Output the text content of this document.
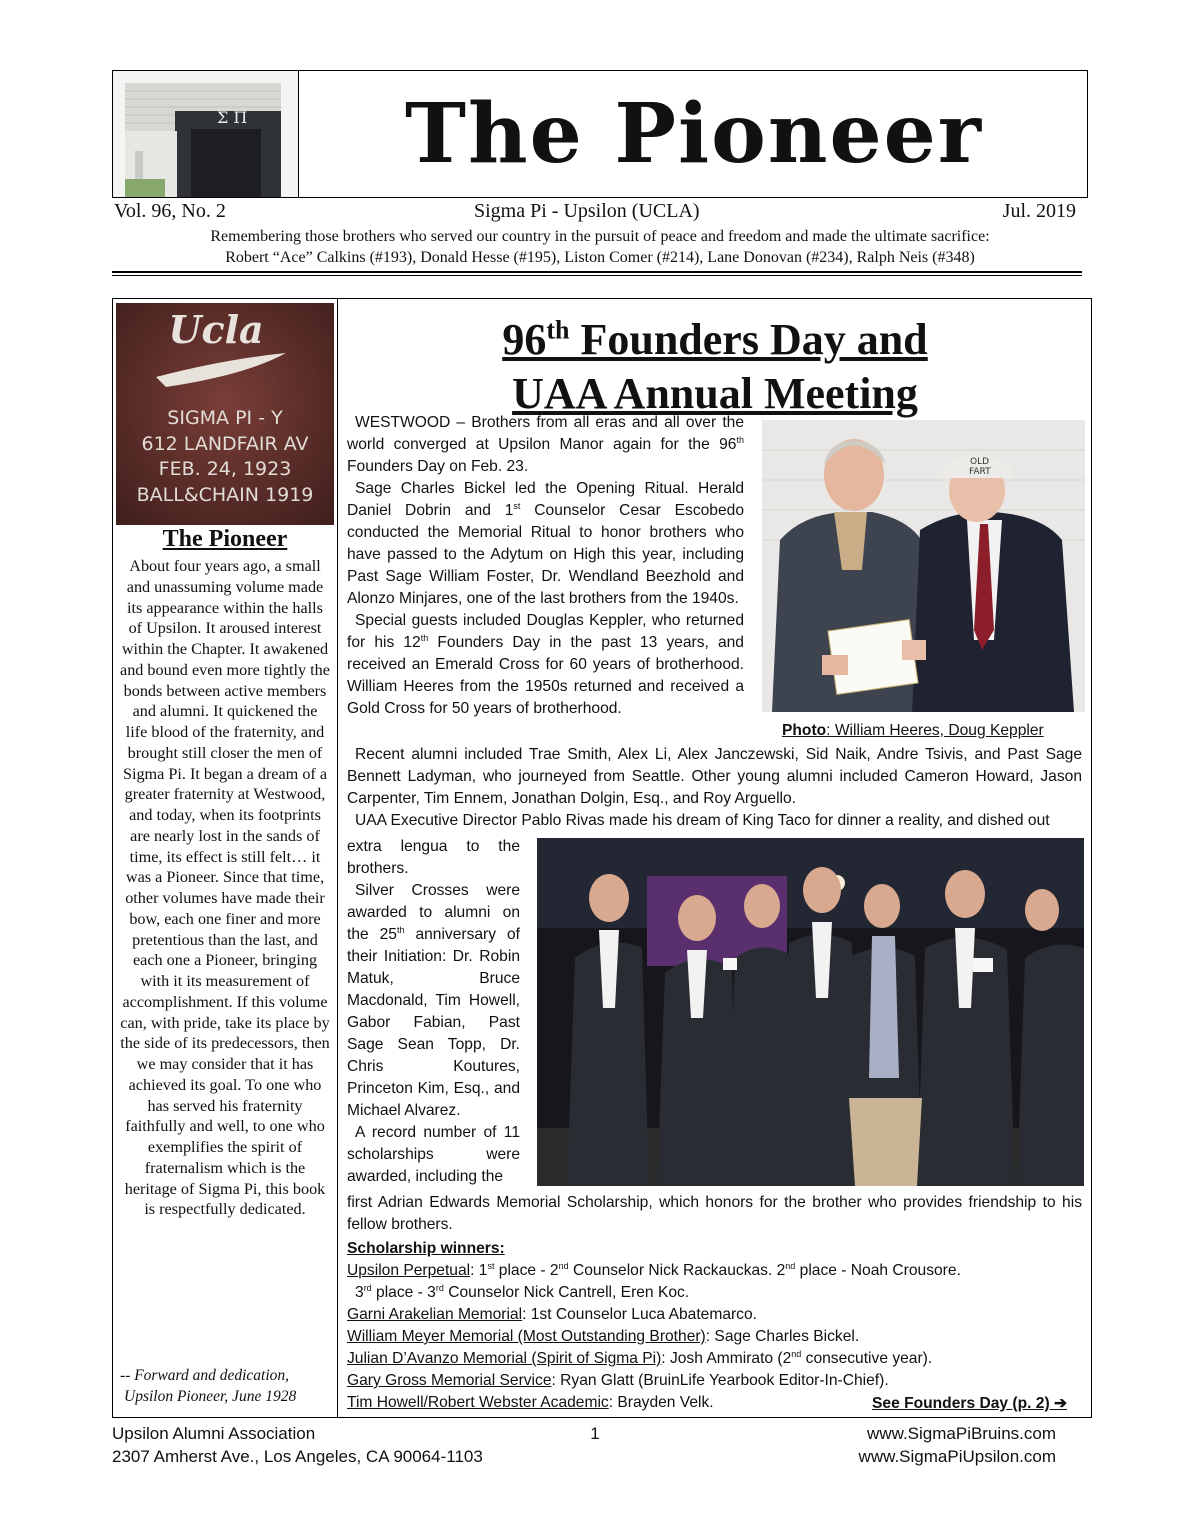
Σ Π	The Pioneer
Vol. 96, No. 2	Sigma Pi - Upsilon (UCLA)	Jul. 2019
Remembering those brothers who served our country in the pursuit of peace and freedom and made the ultimate sacrifice:
Robert “Ace” Calkins (#193), Donald Hesse (#195), Liston Comer (#214), Lane Donovan (#234), Ralph Neis (#348)
Ucla
SIGMA PI - Y
612 LANDFAIR AV
FEB. 24, 1923
BALL&CHAIN 1919
The Pioneer
About four years ago, a small and unassuming volume made its appearance within the halls of Upsilon. It aroused interest within the Chapter. It awakened and bound even more tightly the bonds between active members and alumni. It quickened the life blood of the fraternity, and brought still closer the men of Sigma Pi. It began a dream of a greater fraternity at Westwood, and today, when its footprints are nearly lost in the sands of time, its effect is still felt… it was a Pioneer. Since that time, other volumes have made their bow, each one finer and more pretentious than the last, and each one a Pioneer, bringing with it its measurement of accomplishment. If this volume can, with pride, take its place by the side of its predecessors, then we may consider that it has achieved its goal. To one who has served his fraternity faithfully and well, to one who exemplifies the spirit of fraternalism which is the heritage of Sigma Pi, this book is respectfully dedicated.
-- Forward and dedication,
Upsilon Pioneer, June 1928
96th Founders Day and
UAA Annual Meeting

WESTWOOD – Brothers from all eras and all over the world converged at Upsilon Manor again for the 96th Founders Day on Feb. 23.

Sage Charles Bickel led the Opening Ritual. Herald Daniel Dobrin and 1st Counselor Cesar Escobedo conducted the Memorial Ritual to honor brothers who have passed to the Adytum on High this year, including Past Sage William Foster, Dr. Wendland Beezhold and Alonzo Minjares, one of the last brothers from the 1940s.

Special guests included Douglas Keppler, who returned for his 12th Founders Day in the past 13 years, and received an Emerald Cross for 60 years of brotherhood. William Heeres from the 1950s returned and received a Gold Cross for 50 years of brotherhood.

OLD
FART
Photo: William Heeres, Doug Keppler

Recent alumni included Trae Smith, Alex Li, Alex Janczewski, Sid Naik, Andre Tsivis, and Past Sage Bennett Ladyman, who journeyed from Seattle. Other young alumni included Cameron Howard, Jason Carpenter, Tim Ennem, Jonathan Dolgin, Esq., and Roy Arguello.

UAA Executive Director Pablo Rivas made his dream of King Taco for dinner a reality, and dished out

extra lengua to the brothers.

Silver Crosses were awarded to alumni on the 25th anniversary of their Initiation: Dr. Robin Matuk, Bruce Macdonald, Tim Howell, Gabor Fabian, Past Sage Sean Topp, Dr. Chris Koutures, Princeton Kim, Esq., and Michael Alvarez.

A record number of 11 scholarships were awarded, including the

first Adrian Edwards Memorial Scholarship, which honors for the brother who provides friendship to his fellow brothers.

Scholarship winners:
Upsilon Perpetual: 1st place - 2nd Counselor Nick Rackauckas. 2nd place - Noah Crousore.
3rd place - 3rd Counselor Nick Cantrell, Eren Koc.
Garni Arakelian Memorial: 1st Counselor Luca Abatemarco.
William Meyer Memorial (Most Outstanding Brother): Sage Charles Bickel.
Julian D’Avanzo Memorial (Spirit of Sigma Pi): Josh Ammirato (2nd consecutive year).
Gary Gross Memorial Service: Ryan Glatt (BruinLife Yearbook Editor-In-Chief).
Tim Howell/Robert Webster Academic: Brayden Velk.	See Founders Day (p. 2) ➔
Upsilon Alumni Association
2307 Amherst Ave., Los Angeles, CA 90064-1103
1	www.SigmaPiBruins.com
www.SigmaPiUpsilon.com
